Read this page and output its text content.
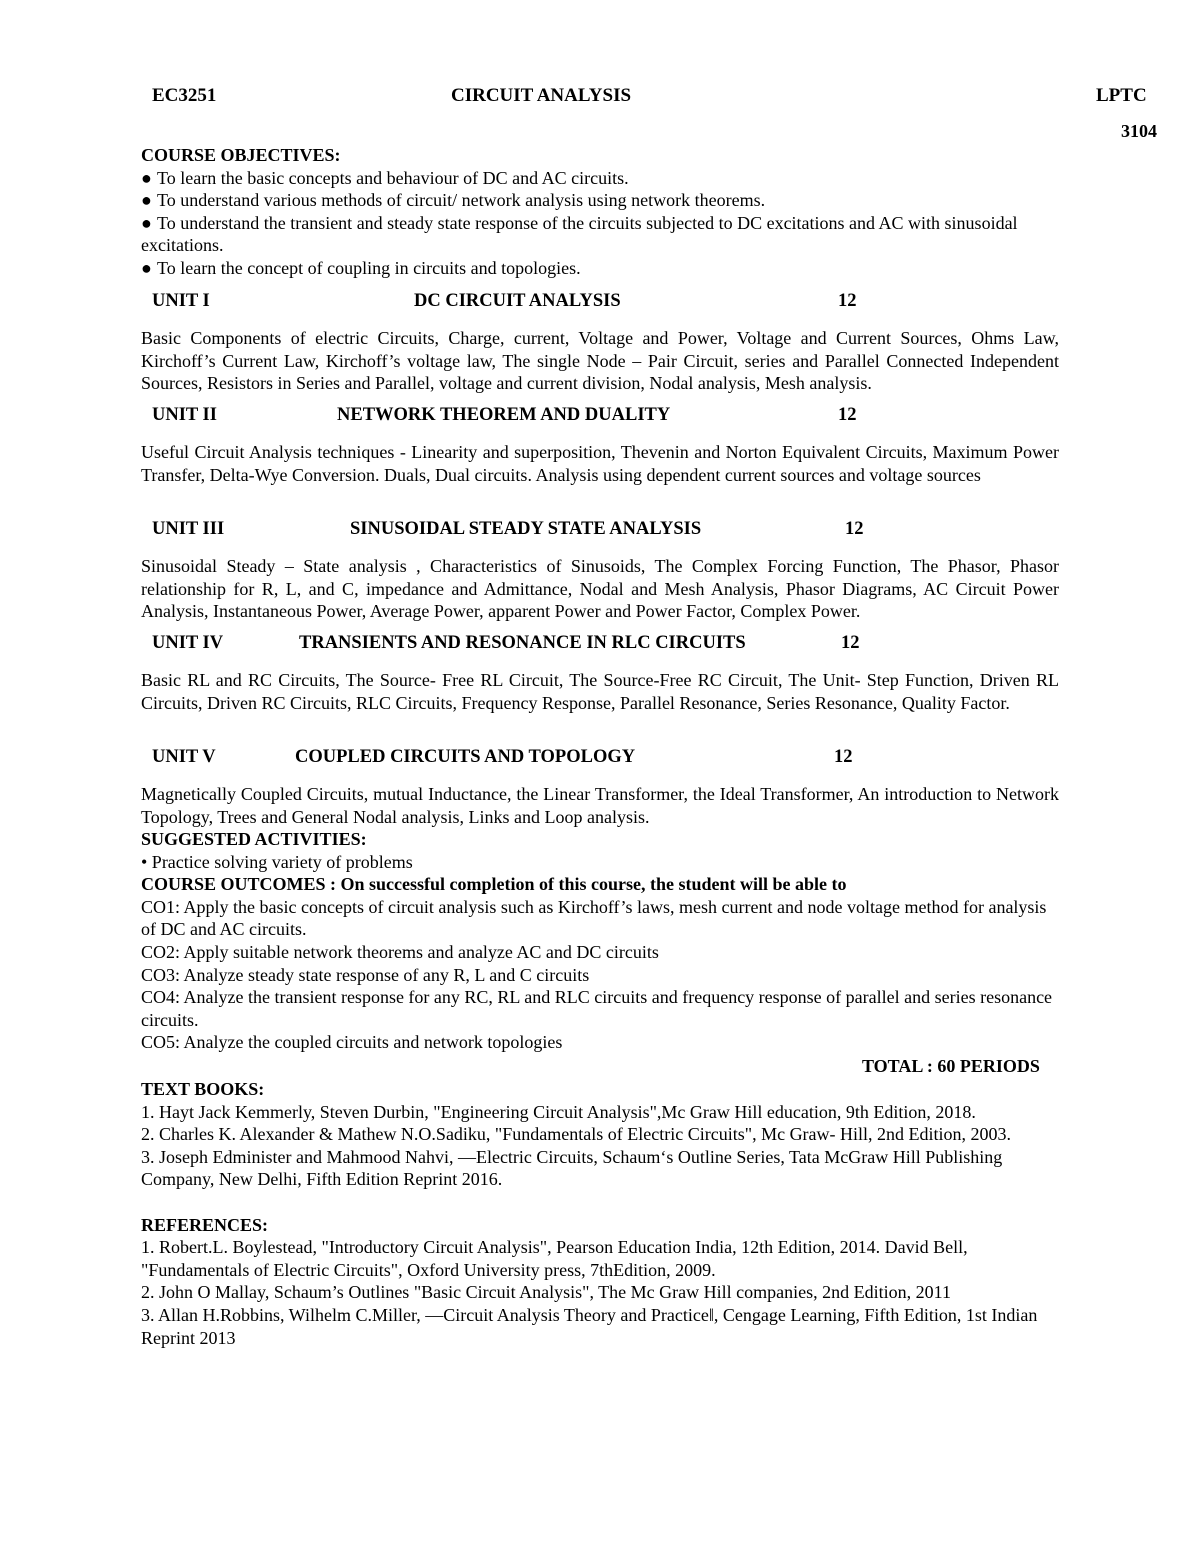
EC3251	CIRCUIT ANALYSIS	LPTC
3104
COURSE OBJECTIVES:
● To learn the basic concepts and behaviour of DC and AC circuits.
● To understand various methods of circuit/ network analysis using network theorems.
● To understand the transient and steady state response of the circuits subjected to DC excitations and AC with sinusoidal excitations.
● To learn the concept of coupling in circuits and topologies.
UNIT I	DC CIRCUIT ANALYSIS	12
Basic Components of electric Circuits, Charge, current, Voltage and Power, Voltage and Current Sources, Ohms Law, Kirchoff’s Current Law, Kirchoff’s voltage law, The single Node – Pair Circuit, series and Parallel Connected Independent Sources, Resistors in Series and Parallel, voltage and current division, Nodal analysis, Mesh analysis.
UNIT II	NETWORK THEOREM AND DUALITY	12
Useful Circuit Analysis techniques - Linearity and superposition, Thevenin and Norton Equivalent Circuits, Maximum Power Transfer, Delta-Wye Conversion. Duals, Dual circuits. Analysis using dependent current sources and voltage sources
UNIT III	SINUSOIDAL STEADY STATE ANALYSIS	12
Sinusoidal Steady – State analysis , Characteristics of Sinusoids, The Complex Forcing Function, The Phasor, Phasor relationship for R, L, and C, impedance and Admittance, Nodal and Mesh Analysis, Phasor Diagrams, AC Circuit Power Analysis, Instantaneous Power, Average Power, apparent Power and Power Factor, Complex Power.
UNIT IV	TRANSIENTS AND RESONANCE IN RLC CIRCUITS	12
Basic RL and RC Circuits, The Source- Free RL Circuit, The Source-Free RC Circuit, The Unit- Step Function, Driven RL Circuits, Driven RC Circuits, RLC Circuits, Frequency Response, Parallel Resonance, Series Resonance, Quality Factor.
UNIT V	COUPLED CIRCUITS AND TOPOLOGY	12
Magnetically Coupled Circuits, mutual Inductance, the Linear Transformer, the Ideal Transformer, An introduction to Network Topology, Trees and General Nodal analysis, Links and Loop analysis.
SUGGESTED ACTIVITIES:
• Practice solving variety of problems
COURSE OUTCOMES : On successful completion of this course, the student will be able to
CO1: Apply the basic concepts of circuit analysis such as Kirchoff’s laws, mesh current and node voltage method for analysis of DC and AC circuits.
CO2: Apply suitable network theorems and analyze AC and DC circuits
CO3: Analyze steady state response of any R, L and C circuits
CO4: Analyze the transient response for any RC, RL and RLC circuits and frequency response of parallel and series resonance circuits.
CO5: Analyze the coupled circuits and network topologies
TOTAL : 60 PERIODS
TEXT BOOKS:
1. Hayt Jack Kemmerly, Steven Durbin, "Engineering Circuit Analysis",Mc Graw Hill education, 9th Edition, 2018.
2. Charles K. Alexander & Mathew N.O.Sadiku, "Fundamentals of Electric Circuits", Mc Graw- Hill, 2nd Edition, 2003.
3. Joseph Edminister and Mahmood Nahvi, ―Electric Circuits, Schaum‘s Outline Series, Tata McGraw Hill Publishing Company, New Delhi, Fifth Edition Reprint 2016.
REFERENCES:
1. Robert.L. Boylestead, "Introductory Circuit Analysis", Pearson Education India, 12th Edition, 2014. David Bell, "Fundamentals of Electric Circuits", Oxford University press, 7thEdition, 2009.
2. John O Mallay, Schaum’s Outlines "Basic Circuit Analysis", The Mc Graw Hill companies, 2nd Edition, 2011
3. Allan H.Robbins, Wilhelm C.Miller, ―Circuit Analysis Theory and Practice‖, Cengage Learning, Fifth Edition, 1st Indian Reprint 2013
